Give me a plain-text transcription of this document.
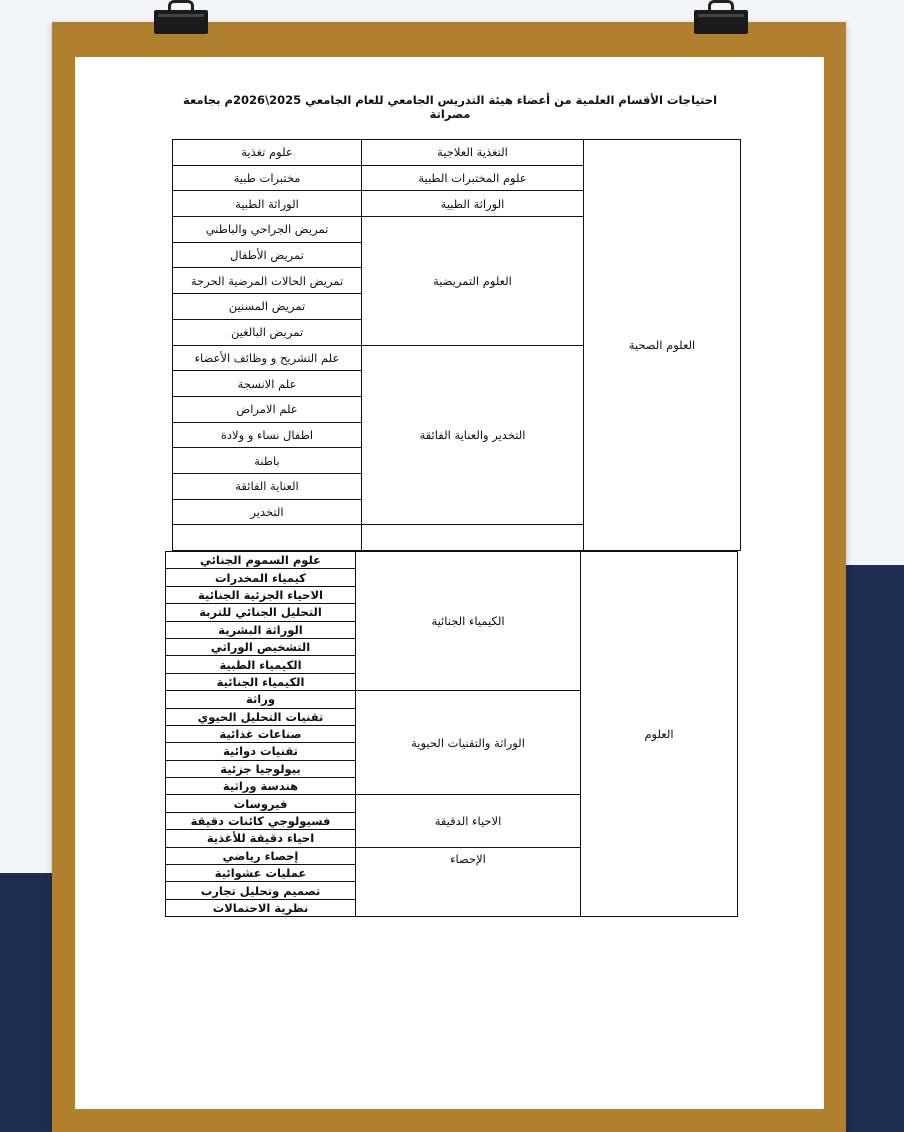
احتياجات الأقسام العلمية من أعضاء هيئة التدريس الجامعي للعام الجامعي 2025\2026م بجامعة مصراتة
العلوم الصحية	التغذية العلاجية	علوم تغذية
	علوم المختبرات الطبية	مختبرات طبية
	الوراثة الطبية	الوراثة الطبية
	العلوم التمريضية	تمريض الجراحي والباطني
		تمريض الأطفال
		تمريض الحالات المرضية الحرجة
		تمريض المسنين
		تمريض البالغين
	التخدير والعناية الفائقة	علم التشريح و وظائف الأعضاء
		علم الانسجة
		علم الامراض
		اطفال نساء و ولادة
		باطنة
		العناية الفائقة
		التخدير

العلوم	الكيمياء الجنائية	علوم السموم الجنائي
		كيمياء المخدرات
		الاحياء الجزئية الجنائية
		التحليل الجنائي للتربة
		الوراثة البشرية
		التشخيص الوراثي
		الكيمياء الطبية
		الكيمياء الجنائية
	الوراثة والتقنيات الحيوية	وراثة
		تقنيات التحليل الحيوي
		صناعات غذائية
		تقنيات دوائية
		بيولوجيا جزئية
		هندسة وراثية
	الاحياء الدقيقة	فيروسات
		فسيولوجي كائنات دقيقة
		احياء دقيقة للأغذية
	الإحصاء	إحصاء رياضي
		عمليات عشوائية
		تصميم وتحليل تجارب
		نظرية الاحتمالات
